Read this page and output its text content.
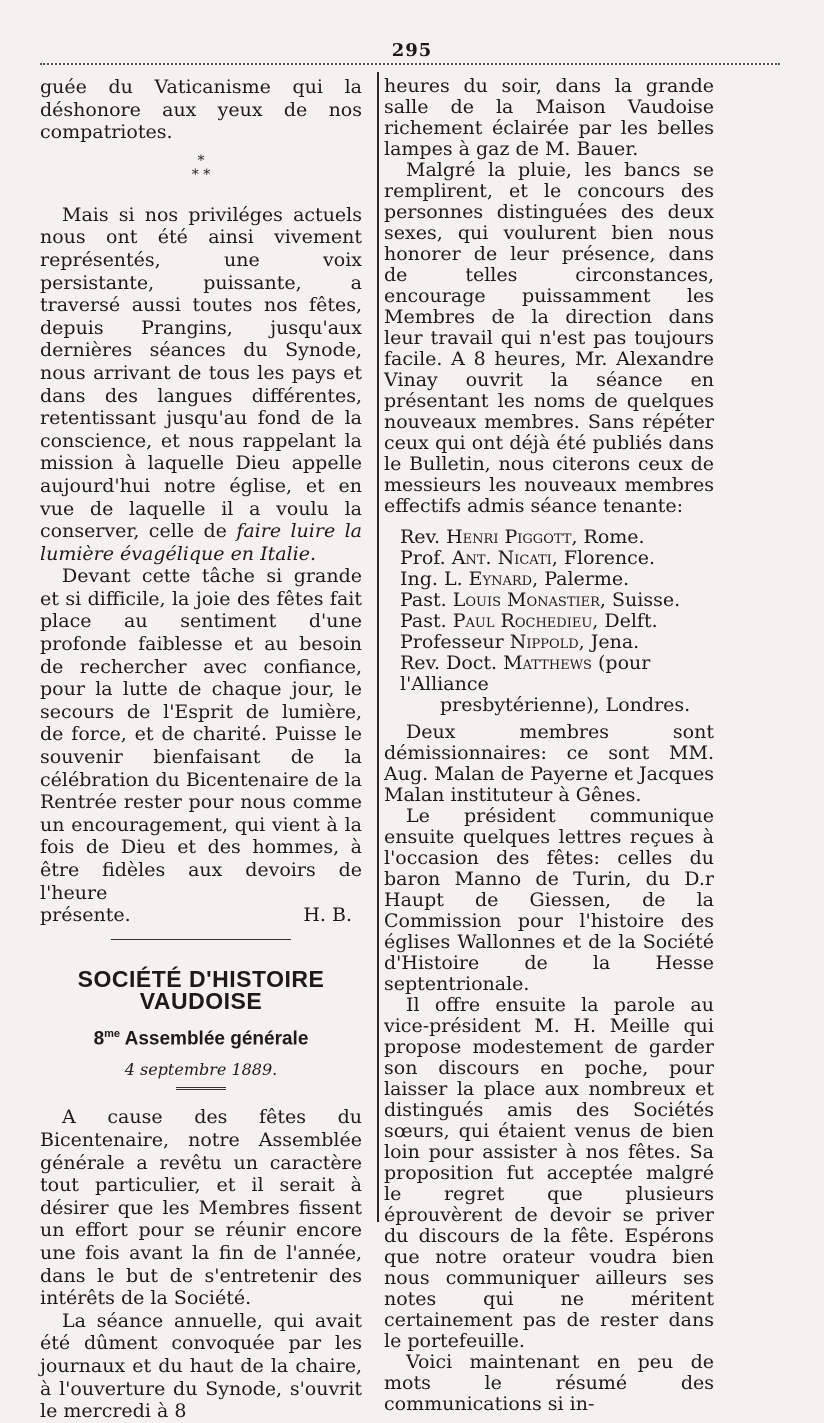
295

guée du Vaticanisme qui la déshonore aux yeux de nos compatriotes.

*
* *

Mais si nos priviléges actuels nous ont été ainsi vivement représentés, une voix persistante, puissante, a traversé aussi toutes nos fêtes, depuis Prangins, jusqu'aux dernières séances du Synode, nous arrivant de tous les pays et dans des langues différentes, retentissant jusqu'au fond de la conscience, et nous rappelant la mission à laquelle Dieu appelle aujourd'hui notre église, et en vue de laquelle il a voulu la conserver, celle de faire luire la lumière évagélique en Italie.

Devant cette tâche si grande et si difficile, la joie des fêtes fait place au sentiment d'une profonde faiblesse et au besoin de rechercher avec confiance, pour la lutte de chaque jour, le secours de l'Esprit de lumière, de force, et de charité. Puisse le souvenir bienfaisant de la célébration du Bicentenaire de la Rentrée rester pour nous comme un encouragement, qui vient à la fois de Dieu et des hommes, à être fidèles aux devoirs de l'heure

présente.	H. B.
SOCIÉTÉ D'HISTOIRE VAUDOISE
$8^{me}$ Assemblée générale
4 septembre 1889.

A cause des fêtes du Bicentenaire, notre Assemblée générale a revêtu un caractère tout particulier, et il serait à désirer que les Membres fissent un effort pour se réunir encore une fois avant la fin de l'année, dans le but de s'entretenir des intérêts de la Société.

La séance annuelle, qui avait été dûment convoquée par les journaux et du haut de la chaire, à l'ouverture du Synode, s'ouvrit le mercredi à 8

heures du soir, dans la grande salle de la Maison Vaudoise richement éclairée par les belles lampes à gaz de M. Bauer.

Malgré la pluie, les bancs se remplirent, et le concours des personnes distinguées des deux sexes, qui voulurent bien nous honorer de leur présence, dans de telles circonstances, encourage puissamment les Membres de la direction dans leur travail qui n'est pas toujours facile. A 8 heures, Mr. Alexandre Vinay ouvrit la séance en présentant les noms de quelques nouveaux membres. Sans répéter ceux qui ont déjà été publiés dans le Bulletin, nous citerons ceux de messieurs les nouveaux membres effectifs admis séance tenante:

Rev. Henri Piggott, Rome.
Prof. Ant. Nicati, Florence.
Ing. L. Eynard, Palerme.
Past. Louis Monastier, Suisse.
Past. Paul Rochedieu, Delft.
Professeur Nippold, Jena.
Rev. Doct. Matthews (pour l'Alliance
presbytérienne), Londres.

Deux membres sont démissionnaires: ce sont MM. Aug. Malan de Payerne et Jacques Malan instituteur à Gênes.

Le président communique ensuite quelques lettres reçues à l'occasion des fêtes: celles du baron Manno de Turin, du D.r Haupt de Giessen, de la Commission pour l'histoire des églises Wallonnes et de la Société d'Histoire de la Hesse septentrionale.

Il offre ensuite la parole au vice-président M. H. Meille qui propose modestement de garder son discours en poche, pour laisser la place aux nombreux et distingués amis des Sociétés sœurs, qui étaient venus de bien loin pour assister à nos fêtes. Sa proposition fut acceptée malgré le regret que plusieurs éprouvèrent de devoir se priver du discours de la fête. Espérons que notre orateur voudra bien nous communiquer ailleurs ses notes qui ne méritent certainement pas de rester dans le portefeuille.

Voici maintenant en peu de mots le résumé des communications si in-
